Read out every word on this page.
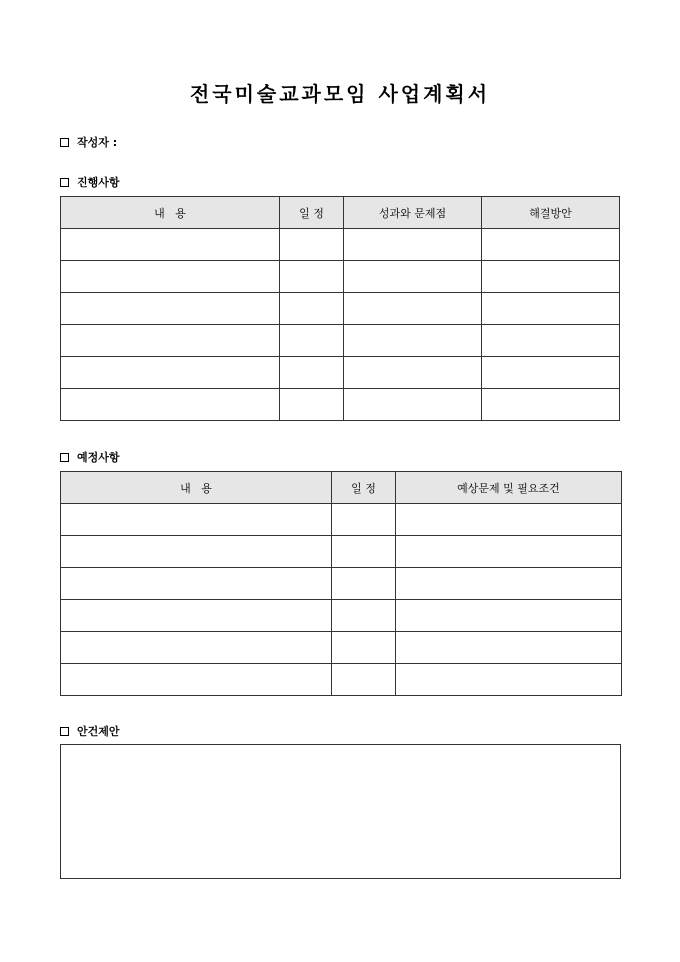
전국미술교과모임 사업계획서
작성자 :
진행사항
내   용	일 정	성과와 문제점	해결방안

예정사항
내   용	일 정	예상문제 및 필요조건

안건제안
